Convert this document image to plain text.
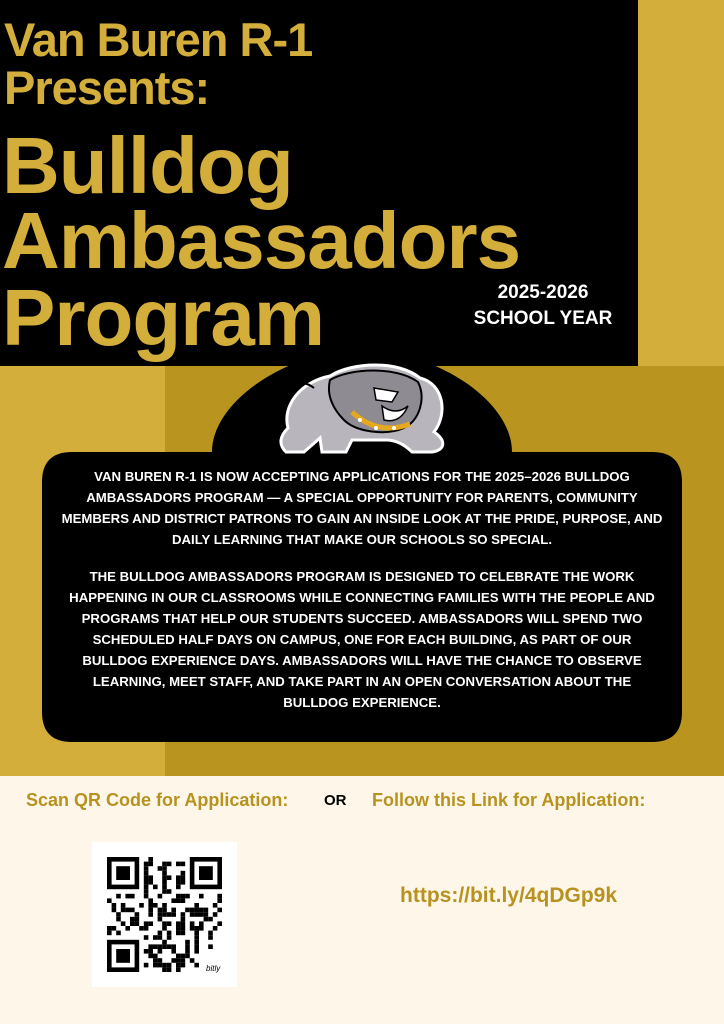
Van Buren R-1
Presents:
Bulldog
Ambassadors
Program	2025-2026
SCHOOL YEAR

VAN BUREN R-1 IS NOW ACCEPTING APPLICATIONS FOR THE 2025–2026 BULLDOG AMBASSADORS PROGRAM — A SPECIAL OPPORTUNITY FOR PARENTS, COMMUNITY MEMBERS AND DISTRICT PATRONS TO GAIN AN INSIDE LOOK AT THE PRIDE, PURPOSE, AND DAILY LEARNING THAT MAKE OUR SCHOOLS SO SPECIAL.

THE BULLDOG AMBASSADORS PROGRAM IS DESIGNED TO CELEBRATE THE WORK HAPPENING IN OUR CLASSROOMS WHILE CONNECTING FAMILIES WITH THE PEOPLE AND PROGRAMS THAT HELP OUR STUDENTS SUCCEED. AMBASSADORS WILL SPEND TWO SCHEDULED HALF DAYS ON CAMPUS, ONE FOR EACH BUILDING, AS PART OF OUR BULLDOG EXPERIENCE DAYS. AMBASSADORS WILL HAVE THE CHANCE TO OBSERVE LEARNING, MEET STAFF, AND TAKE PART IN AN OPEN CONVERSATION ABOUT THE BULLDOG EXPERIENCE.

Scan QR Code for Application: OR Follow this Link for Application:
bitly
https://bit.ly/4qDGp9k
